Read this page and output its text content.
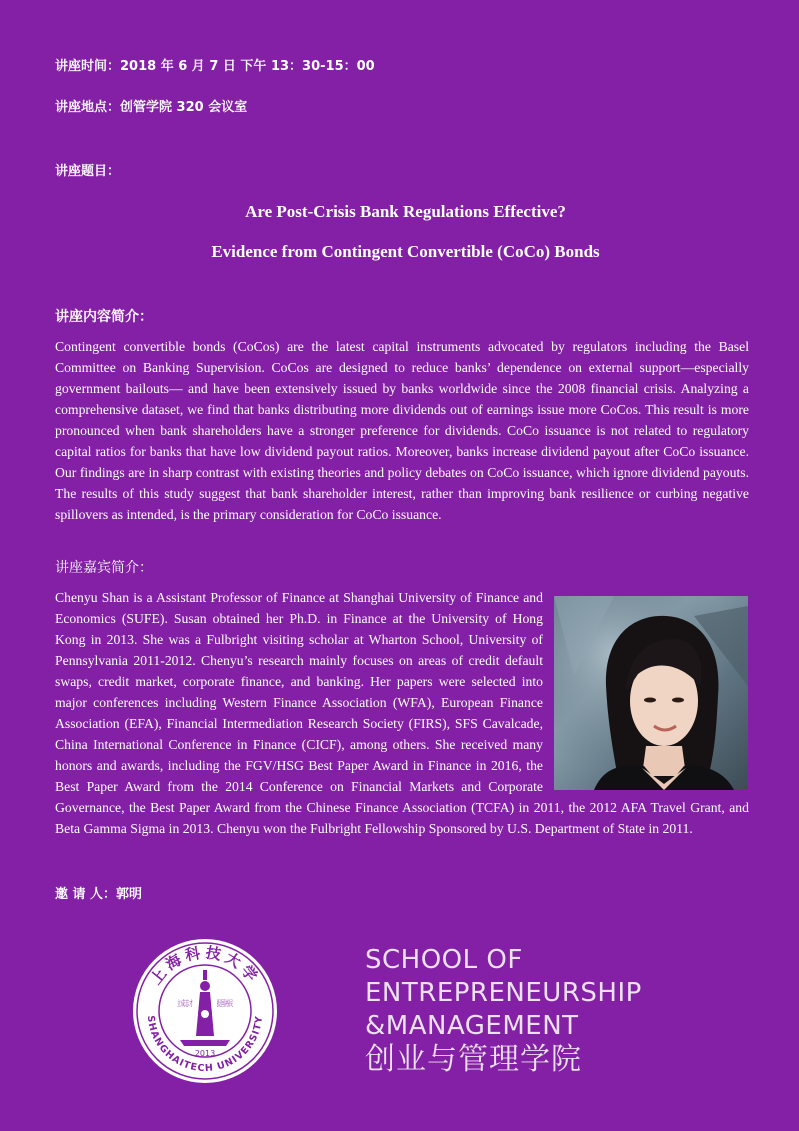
讲座时间：2018 年 6 月 7 日 下午 13：30-15：00
讲座地点：创管学院 320 会议室
讲座题目：
Are Post-Crisis Bank Regulations Effective?
Evidence from Contingent Convertible (CoCo) Bonds
讲座内容简介：

Contingent convertible bonds (CoCos) are the latest capital instruments advocated by regulators including the Basel Committee on Banking Supervision. CoCos are designed to reduce banks’ dependence on external support—especially government bailouts— and have been extensively issued by banks worldwide since the 2008 financial crisis. Analyzing a comprehensive dataset, we find that banks distributing more dividends out of earnings issue more CoCos. This result is more pronounced when bank shareholders have a stronger preference for dividends. CoCo issuance is not related to regulatory capital ratios for banks that have low dividend payout ratios. Moreover, banks increase dividend payout after CoCo issuance. Our findings are in sharp contrast with existing theories and policy debates on CoCo issuance, which ignore dividend payouts. The results of this study suggest that bank shareholder interest, rather than improving bank resilience or curbing negative spillovers as intended, is the primary consideration for CoCo issuance.

讲座嘉宾简介：
Chenyu Shan is a Assistant Professor of Finance at Shanghai University of Finance and Economics (SUFE). Susan obtained her Ph.D. in Finance at the University of Hong Kong in 2013. She was a Fulbright visiting scholar at Wharton School, University of Pennsylvania 2011-2012. Chenyu’s research mainly focuses on areas of credit default swaps, credit market, corporate finance, and banking. Her papers were selected into major conferences including Western Finance Association (WFA), European Finance Association (EFA), Financial Intermediation Research Society (FIRS), SFS Cavalcade, China International Conference in Finance (CICF), among others. She received many honors and awards, including the FGV/HSG Best Paper Award in Finance in 2016, the Best Paper Award from the 2014 Conference on Financial Markets and Corporate Governance, the Best Paper Award from the Chinese Finance Association (TCFA) in 2011, the 2012 AFA Travel Grant, and Beta Gamma Sigma in 2013. Chenyu won the Fulbright Fellowship Sponsored by U.S. Department of State in 2011.
邀 请 人：郭明
上海科技大学
SHANGHAITECH UNIVERSITY
2013
SCHOOL OF
ENTREPRENEURSHIP
&MANAGEMENT
创业与管理学院
